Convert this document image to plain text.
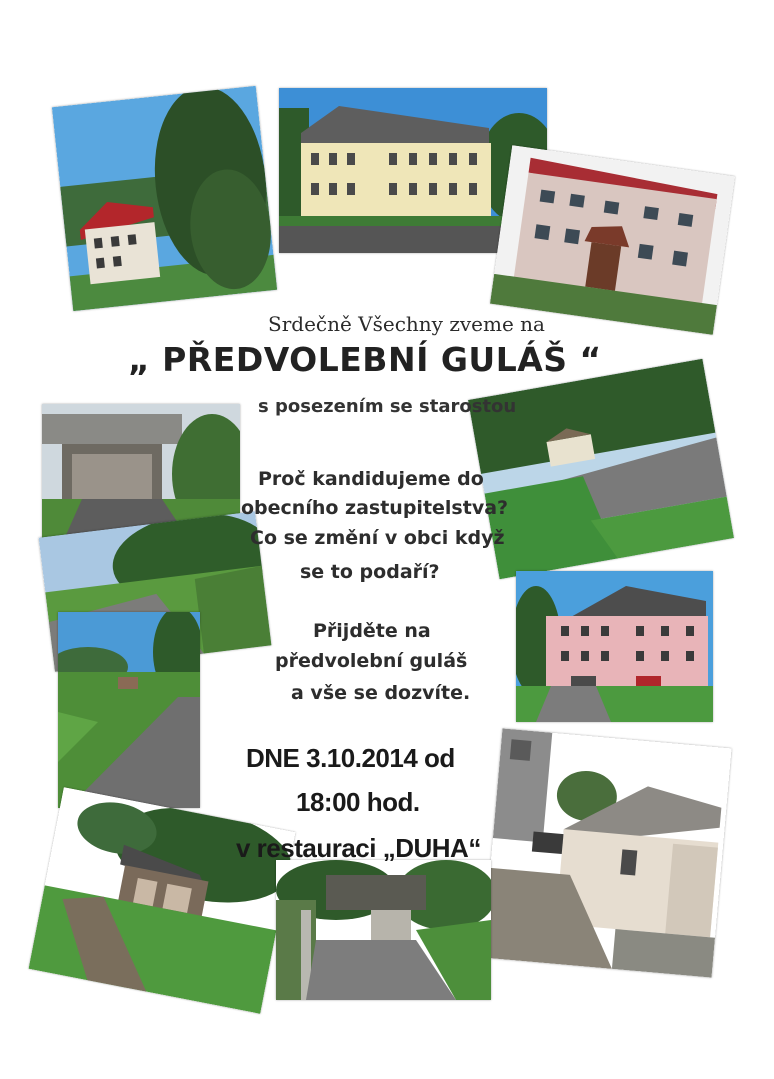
Srdečně Všechny zveme na
„ PŘEDVOLEBNÍ GULÁŠ “
s posezením se starostou
Proč kandidujeme do
obecního zastupitelstva?
Co se změní v obci když
se to podaří?
Přijděte na
předvolební guláš
a vše se dozvíte.
DNE 3.10.2014 od
18:00 hod.
v restauraci „DUHA“
